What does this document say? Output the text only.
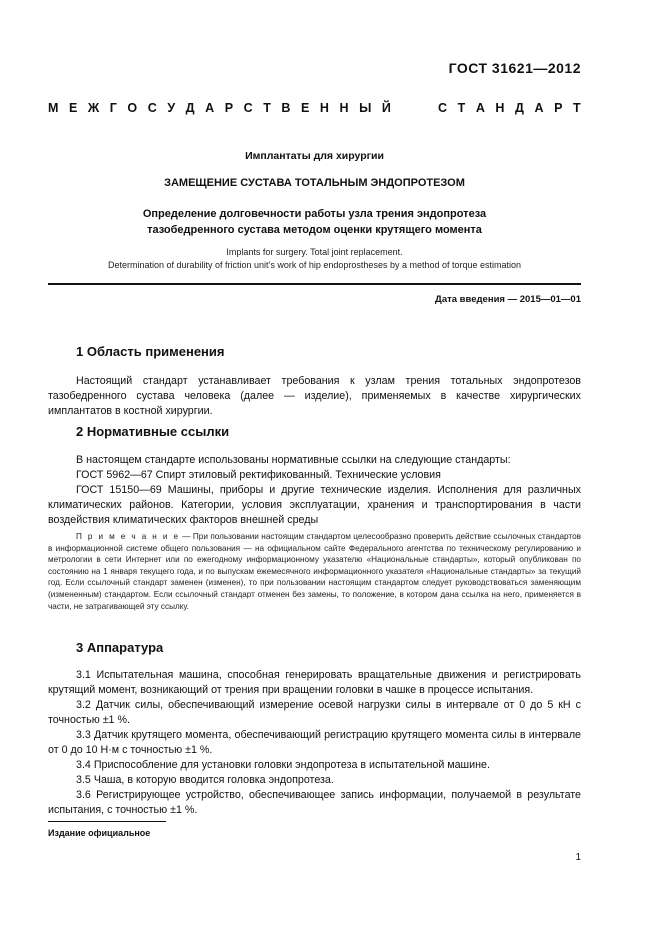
ГОСТ 31621—2012
М Е Ж Г О С У Д А Р С Т В Е Н Н Ы Й	С Т А Н Д А Р Т
Имплантаты для хирургии
ЗАМЕЩЕНИЕ СУСТАВА ТОТАЛЬНЫМ ЭНДОПРОТЕЗОМ
Определение долговечности работы узла трения эндопротеза
тазобедренного сустава методом оценки крутящего момента
Implants for surgery. Total joint replacement.
Determination of durability of friction unit’s work of hip endoprostheses by a method of torque estimation
Дата введения — 2015—01—01
1 Область применения
Настоящий стандарт устанавливает требования к узлам трения тотальных эндопротезов тазобедренного сустава человека (далее — изделие), применяемых в качестве хирургических имплантатов в костной хирургии.
2 Нормативные ссылки
В настоящем стандарте использованы нормативные ссылки на следующие стандарты:
ГОСТ 5962—67 Спирт этиловый ректификованный. Технические условия
ГОСТ 15150—69 Машины, приборы и другие технические изделия. Исполнения для различных климатических районов. Категории, условия эксплуатации, хранения и транспортирования в части воздействия климатических факторов внешней среды
П р и м е ч а н и е — При пользовании настоящим стандартом целесообразно проверить действие ссылочных стандартов в информационной системе общего пользования — на официальном сайте Федерального агентства по техническому регулированию и метрологии в сети Интернет или по ежегодному информационному указателю «Национальные стандарты», который опубликован по состоянию на 1 января текущего года, и по выпускам ежемесячного информационного указателя «Национальные стандарты» за текущий год. Если ссылочный стандарт заменен (изменен), то при пользовании настоящим стандартом следует руководствоваться заменяющим (измененным) стандартом. Если ссылочный стандарт отменен без замены, то положение, в котором дана ссылка на него, применяется в части, не затрагивающей эту ссылку.
3 Аппаратура

3.1 Испытательная машина, способная генерировать вращательные движения и регистрировать крутящий момент, возникающий от трения при вращении головки в чашке в процессе испытания.

3.2 Датчик силы, обеспечивающий измерение осевой нагрузки силы в интервале от 0 до 5 кН с точностью ±1 %.

3.3 Датчик крутящего момента, обеспечивающий регистрацию крутящего момента силы в интервале от 0 до 10 Н·м с точностью ±1 %.

3.4 Приспособление для установки головки эндопротеза в испытательной машине.

3.5 Чаша, в которую вводится головка эндопротеза.

3.6 Регистрирующее устройство, обеспечивающее запись информации, получаемой в результате испытания, с точностью ±1 %.

Издание официальное
1
